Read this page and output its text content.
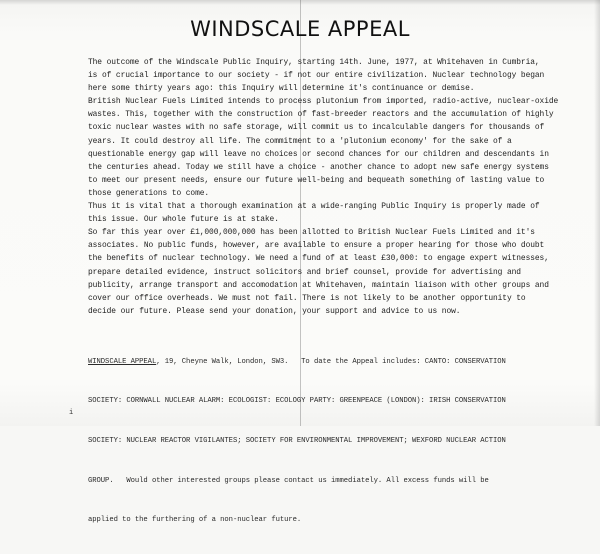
WINDSCALE APPEAL
The outcome of the Windscale Public Inquiry, starting 14th. June, 1977, at Whitehaven in Cumbria,
is of crucial importance to our society - if not our entire civilization. Nuclear technology began
here some thirty years ago: this Inquiry will determine it's continuance or demise.
British Nuclear Fuels Limited intends to process plutonium from imported, radio-active, nuclear-oxide
wastes. This, together with the construction of fast-breeder reactors and the accumulation of highly
toxic nuclear wastes with no safe storage, will commit us to incalculable dangers for thousands of
years. It could destroy all life. The commitment to a 'plutonium economy' for the sake of a
questionable energy gap will leave no choices or second chances for our children and descendants in
the centuries ahead. Today we still have a choice - another chance to adopt new safe energy systems
to meet our present needs, ensure our future well-being and bequeath something of lasting value to
those generations to come.
Thus it is vital that a thorough examination at a wide-ranging Public Inquiry is properly made of
this issue. Our whole future is at stake.
So far this year over £1,000,000,000 has been allotted to British Nuclear Fuels Limited and it's
associates. No public funds, however, are available to ensure a proper hearing for those who doubt
the benefits of nuclear technology. We need a fund of at least £30,000: to engage expert witnesses,
prepare detailed evidence, instruct solicitors and brief counsel, provide for advertising and
publicity, arrange transport and accomodation at Whitehaven, maintain liaison with other groups and
cover our office overheads. We must not fail. There is not likely to be another opportunity to
decide our future. Please send your donation, your support and advice to us now.

WINDSCALE APPEAL, 19, Cheyne Walk, London, SW3.   To date the Appeal includes: CANTO: CONSERVATION

SOCIETY: CORNWALL NUCLEAR ALARM: ECOLOGIST: ECOLOGY PARTY: GREENPEACE (LONDON): IRISH CONSERVATION

SOCIETY: NUCLEAR REACTOR VIGILANTES; SOCIETY FOR ENVIRONMENTAL IMPROVEMENT; WEXFORD NUCLEAR ACTION

GROUP.   Would other interested groups please contact us immediately. All excess funds will be

applied to the furthering of a non-nuclear future.

i
